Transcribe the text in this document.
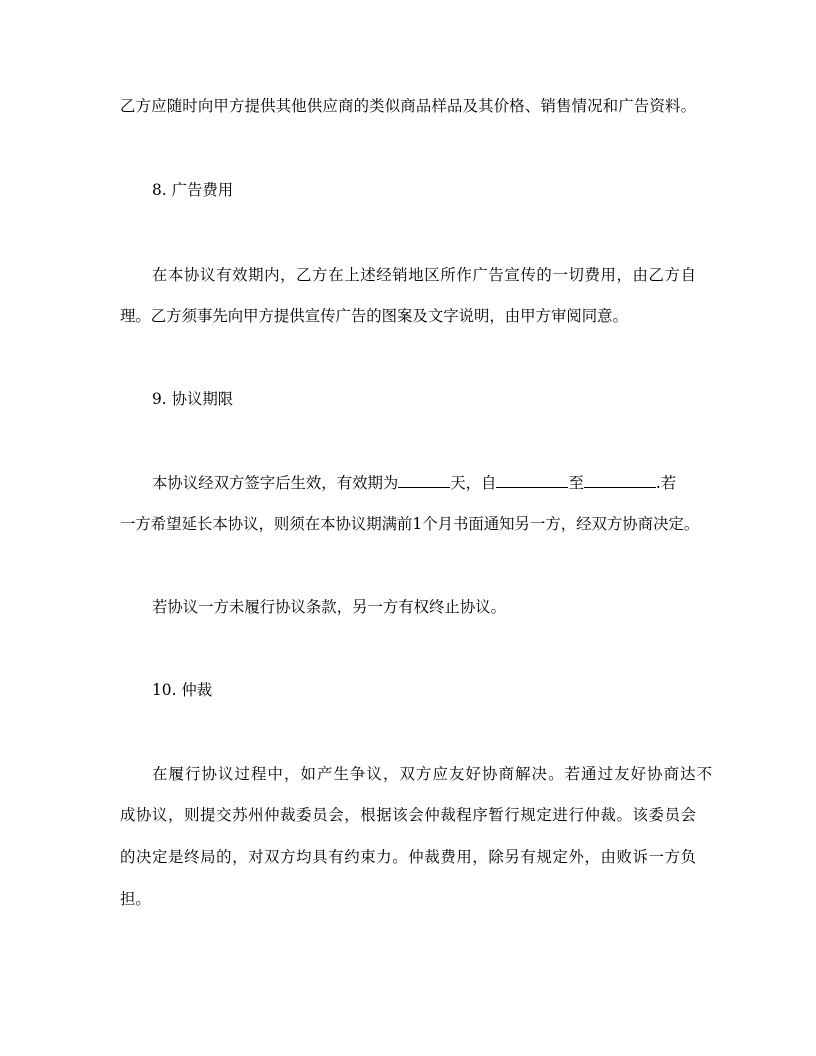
乙方应随时向甲方提供其他供应商的类似商品样品及其价格、销售情况和广告资料。

8. 广告费用

在本协议有效期内，乙方在上述经销地区所作广告宣传的一切费用，由乙方自

理。乙方须事先向甲方提供宣传广告的图案及文字说明，由甲方审阅同意。

9. 协议期限

本协议经双方签字后生效，有效期为	天，自	至	.若

一方希望延长本协议，则须在本协议期满前1个月书面通知另一方，经双方协商决定。

若协议一方未履行协议条款，另一方有权终止协议。

10. 仲裁

在履行协议过程中，如产生争议，双方应友好协商解决。若通过友好协商达不

成协议，则提交苏州仲裁委员会，根据该会仲裁程序暂行规定进行仲裁。该委员会

的决定是终局的，对双方均具有约束力。仲裁费用，除另有规定外，由败诉一方负

担。
